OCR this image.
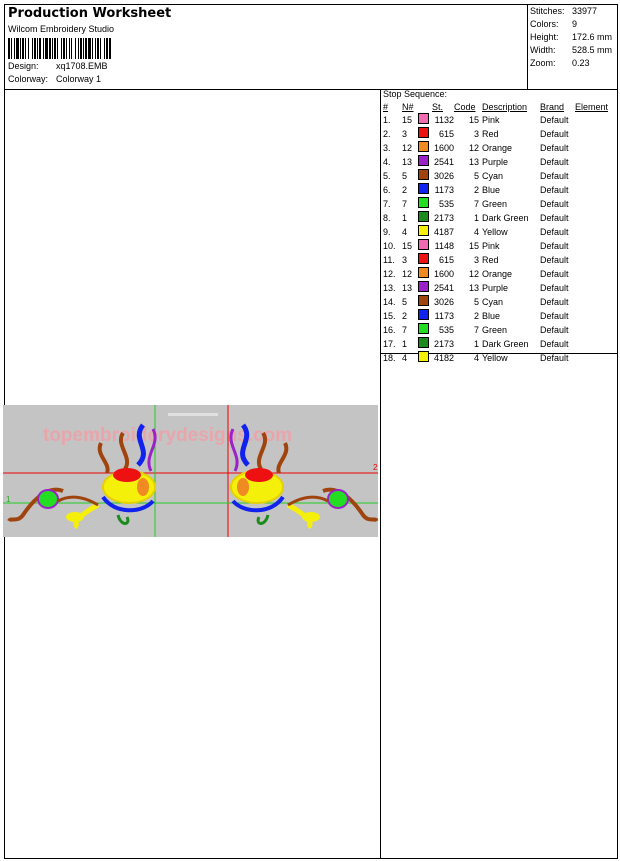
Production Worksheet
Wilcom Embroidery Studio
Design: xq1708.EMB
Colorway: Colorway 1
Stitches: 33977
Colors: 9
Height: 172.6 mm
Width: 528.5 mm
Zoom: 0.23
topembroiderydesigns.com
2
1
Stop Sequence:
#	N#		St.	Code	Description	Brand	Element
1.	15		1132	15	Pink	Default	
2.	3		615	3	Red	Default	
3.	12		1600	12	Orange	Default	
4.	13		2541	13	Purple	Default	
5.	5		3026	5	Cyan	Default	
6.	2		1173	2	Blue	Default	
7.	7		535	7	Green	Default	
8.	1		2173	1	Dark Green	Default	
9.	4		4187	4	Yellow	Default	
10.	15		1148	15	Pink	Default	
11.	3		615	3	Red	Default	
12.	12		1600	12	Orange	Default	
13.	13		2541	13	Purple	Default	
14.	5		3026	5	Cyan	Default	
15.	2		1173	2	Blue	Default	
16.	7		535	7	Green	Default	
17.	1		2173	1	Dark Green	Default	
18.	4		4182	4	Yellow	Default	
